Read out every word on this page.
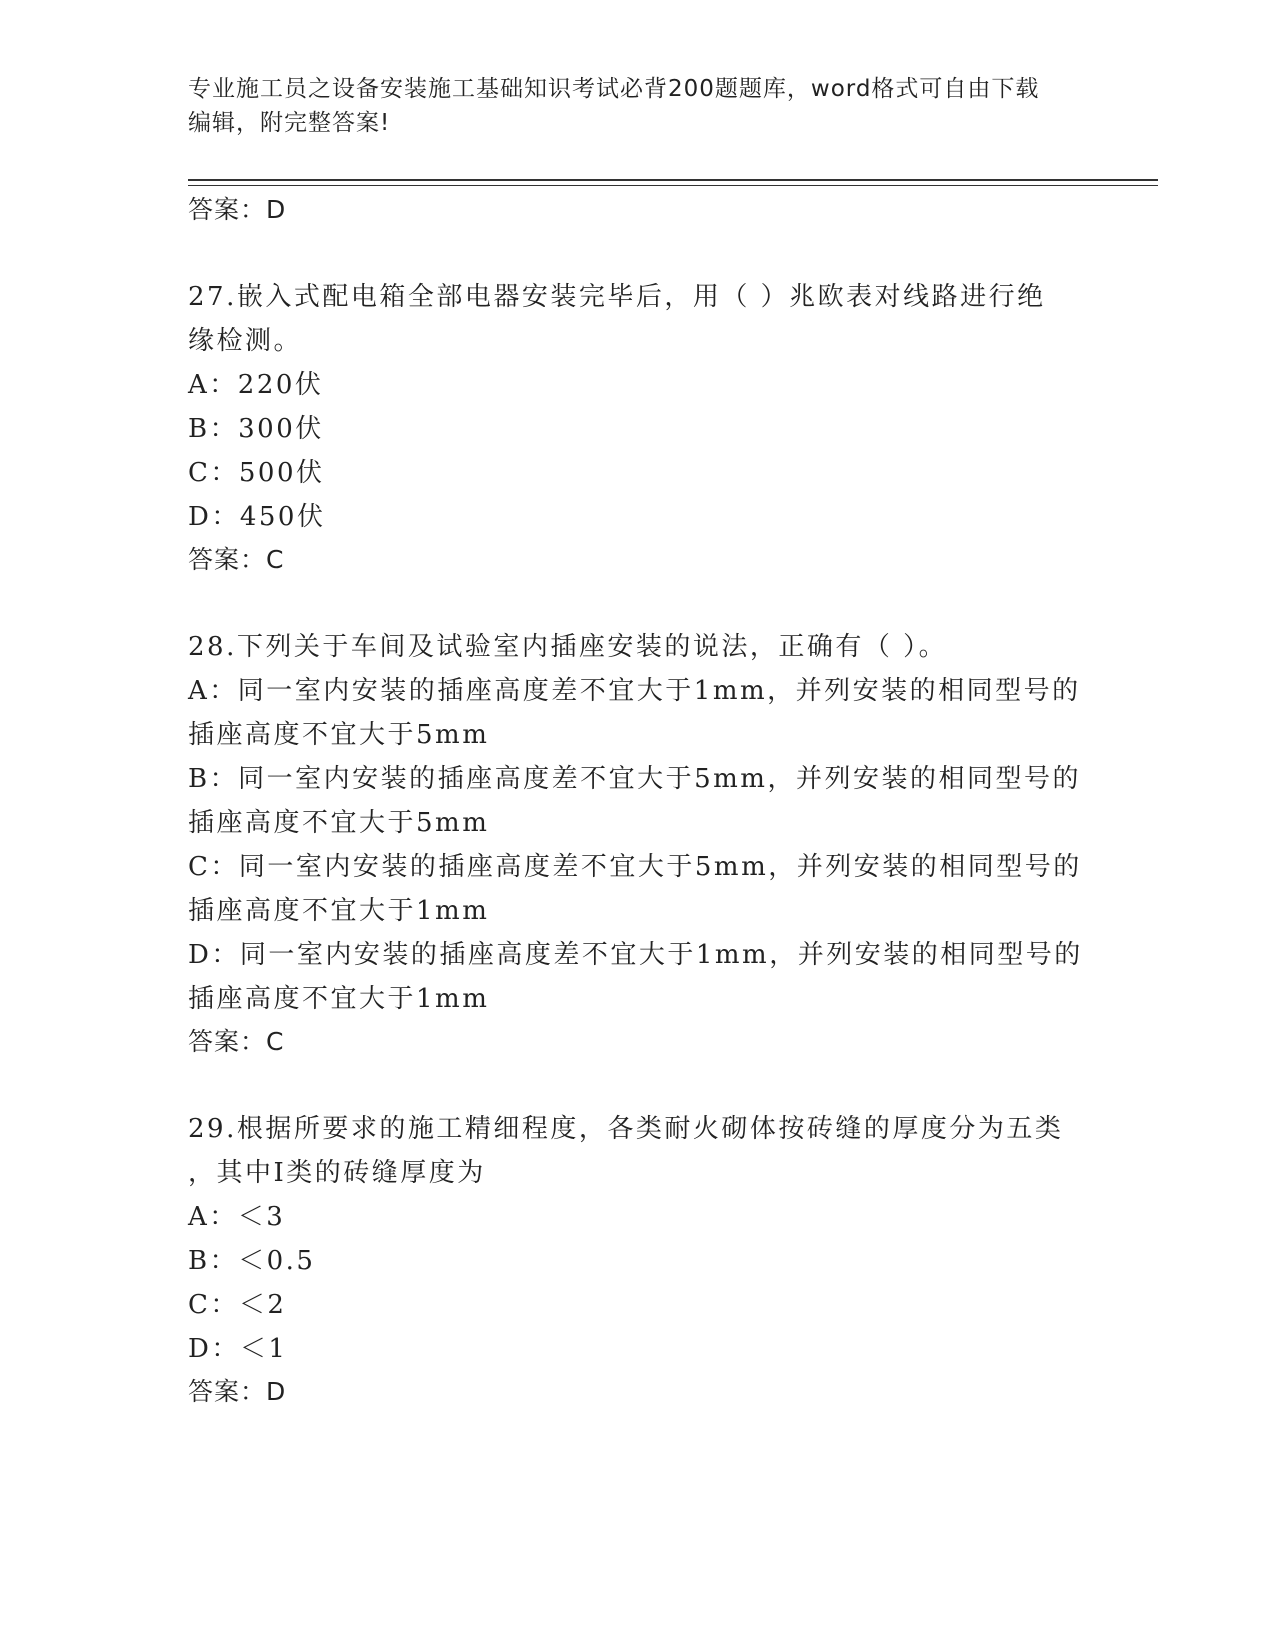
专业施工员之设备安装施工基础知识考试必背200题题库，word格式可自由下载
编辑，附完整答案!
答案：D
27.嵌入式配电箱全部电器安装完毕后，用（ ）兆欧表对线路进行绝
缘检测。
A：220伏
B：300伏
C：500伏
D：450伏
答案：C
28.下列关于车间及试验室内插座安装的说法，正确有（ ）。
A：同一室内安装的插座高度差不宜大于1mm，并列安装的相同型号的
插座高度不宜大于5mm
B：同一室内安装的插座高度差不宜大于5mm，并列安装的相同型号的
插座高度不宜大于5mm
C：同一室内安装的插座高度差不宜大于5mm，并列安装的相同型号的
插座高度不宜大于1mm
D：同一室内安装的插座高度差不宜大于1mm，并列安装的相同型号的
插座高度不宜大于1mm
答案：C
29.根据所要求的施工精细程度，各类耐火砌体按砖缝的厚度分为五类
，其中Ⅰ类的砖缝厚度为
A：＜3
B：＜0.5
C：＜2
D：＜1
答案：D
